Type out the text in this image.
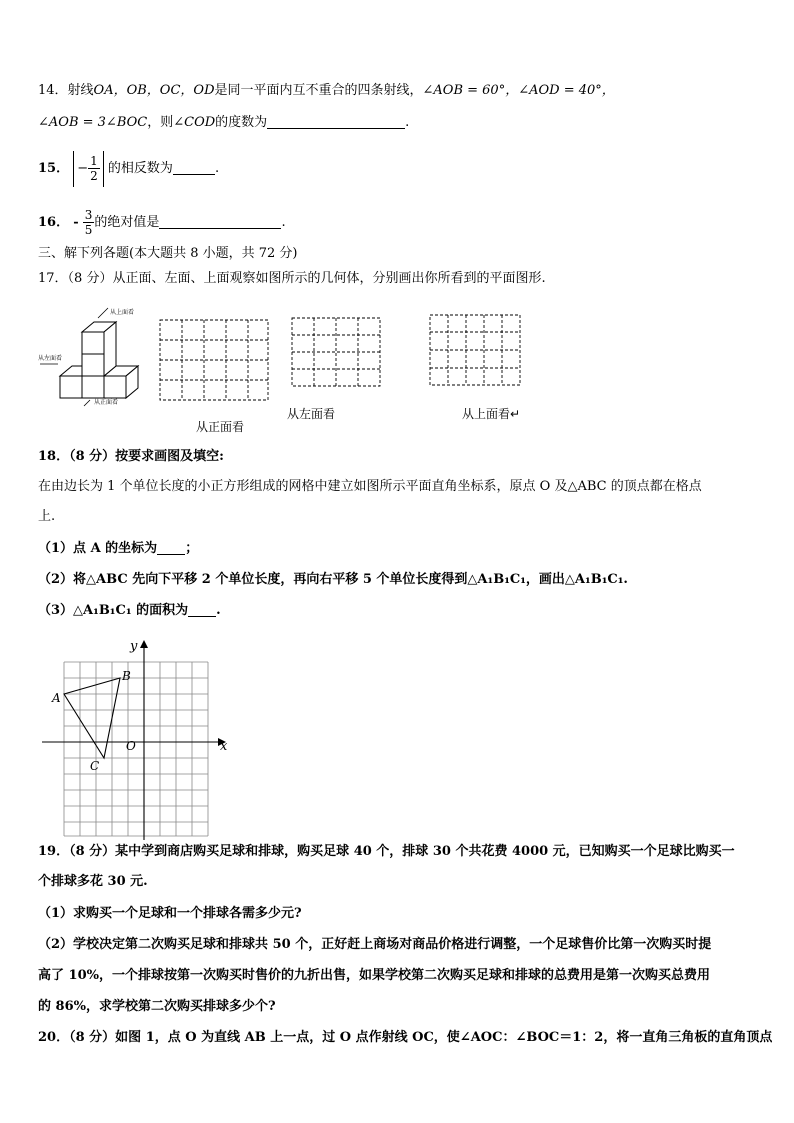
14．射线OA，OB，OC，OD是同一平面内互不重合的四条射线，∠AOB = 60°，∠AOD = 40°，
∠AOB = 3∠BOC，则∠COD的度数为	.
15． − $\frac{1}{2}$ 的相反数为	.
16． - $\frac{3}{5}$ 的绝对值是	.
三、解下列各题(本大题共 8 小题，共 72 分)
17．（8 分）从正面、左面、上面观察如图所示的几何体，分别画出你所看到的平面图形.
从上面看
从左面看
从正面看
从正面看
从左面看	从上面看↵
18．（8 分）按要求画图及填空:
在由边长为 1 个单位长度的小正方形组成的网格中建立如图所示平面直角坐标系，原点 O 及△ABC 的顶点都在格点
上.
（1）点 A 的坐标为 ；
（2）将△ABC 先向下平移 2 个单位长度，再向右平移 5 个单位长度得到△A₁B₁C₁，画出△A₁B₁C₁.
（3）△A₁B₁C₁ 的面积为 .
y
x
O
A
B
C
19．（8 分）某中学到商店购买足球和排球，购买足球 40 个，排球 30 个共花费 4000 元，已知购买一个足球比购买一
个排球多花 30 元.
（1）求购买一个足球和一个排球各需多少元?
（2）学校决定第二次购买足球和排球共 50 个，正好赶上商场对商品价格进行调整，一个足球售价比第一次购买时提
高了 10%，一个排球按第一次购买时售价的九折出售，如果学校第二次购买足球和排球的总费用是第一次购买总费用
的 86%，求学校第二次购买排球多少个?
20．（8 分）如图 1，点 O 为直线 AB 上一点，过 O 点作射线 OC，使∠AOC：∠BOC＝1：2，将一直角三角板的直角顶点
